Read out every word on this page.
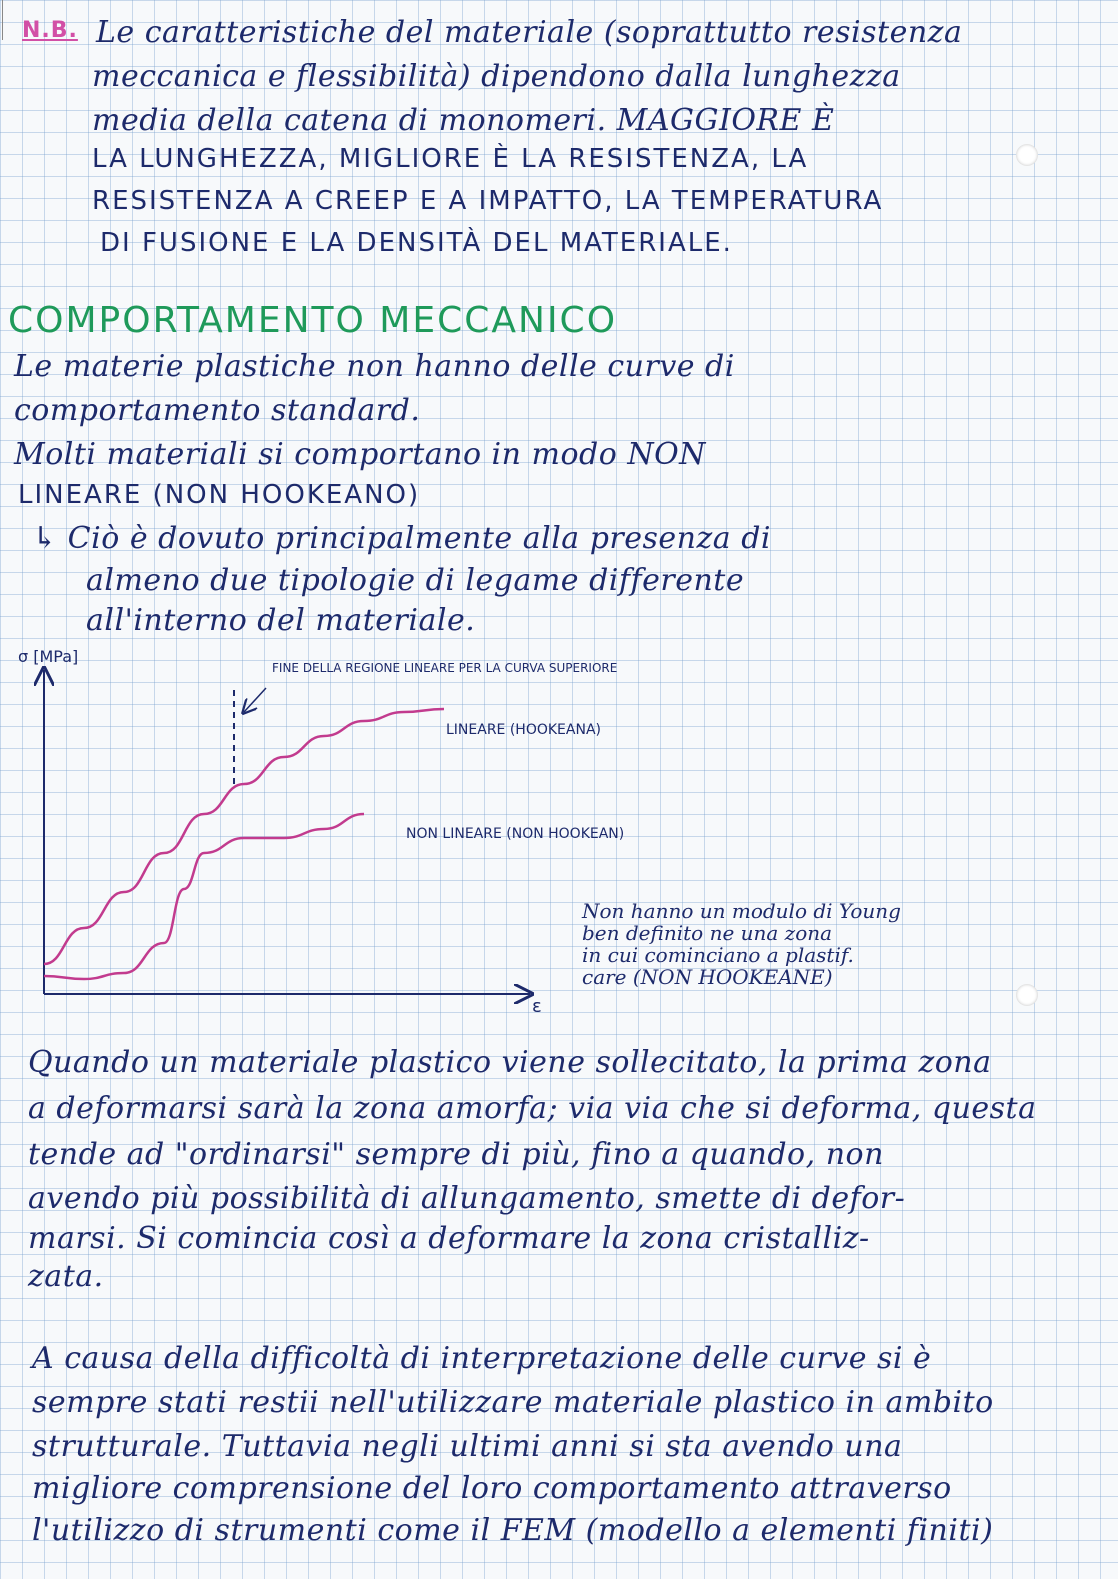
N.B. Le caratteristiche del materiale (soprattutto resistenza
meccanica e flessibilità) dipendono dalla lunghezza
media della catena di monomeri. MAGGIORE È
LA LUNGHEZZA, MIGLIORE È LA RESISTENZA, LA
RESISTENZA A CREEP E A IMPATTO, LA TEMPERATURA
DI FUSIONE E LA DENSITÀ DEL MATERIALE.
COMPORTAMENTO MECCANICO
Le materie plastiche non hanno delle curve di
comportamento standard.
Molti materiali si comportano in modo NON
LINEARE (NON HOOKEANO)
↳ Ciò è dovuto principalmente alla presenza di
almeno due tipologie di legame differente
all'interno del materiale.
σ [MPa]
ε
FINE DELLA REGIONE LINEARE PER LA CURVA SUPERIORE
LINEARE (HOOKEANA)
NON LINEARE (NON HOOKEAN)
Non hanno un modulo di Young
ben definito ne una zona
in cui cominciano a plastif.
care (NON HOOKEANE)
Quando un materiale plastico viene sollecitato, la prima zona
a deformarsi sarà la zona amorfa; via via che si deforma, questa
tende ad "ordinarsi" sempre di più, fino a quando, non
avendo più possibilità di allungamento, smette di defor-
marsi. Si comincia così a deformare la zona cristalliz-
zata.
A causa della difficoltà di interpretazione delle curve si è
sempre stati restii nell'utilizzare materiale plastico in ambito
strutturale. Tuttavia negli ultimi anni si sta avendo una
migliore comprensione del loro comportamento attraverso
l'utilizzo di strumenti come il FEM (modello a elementi finiti)
